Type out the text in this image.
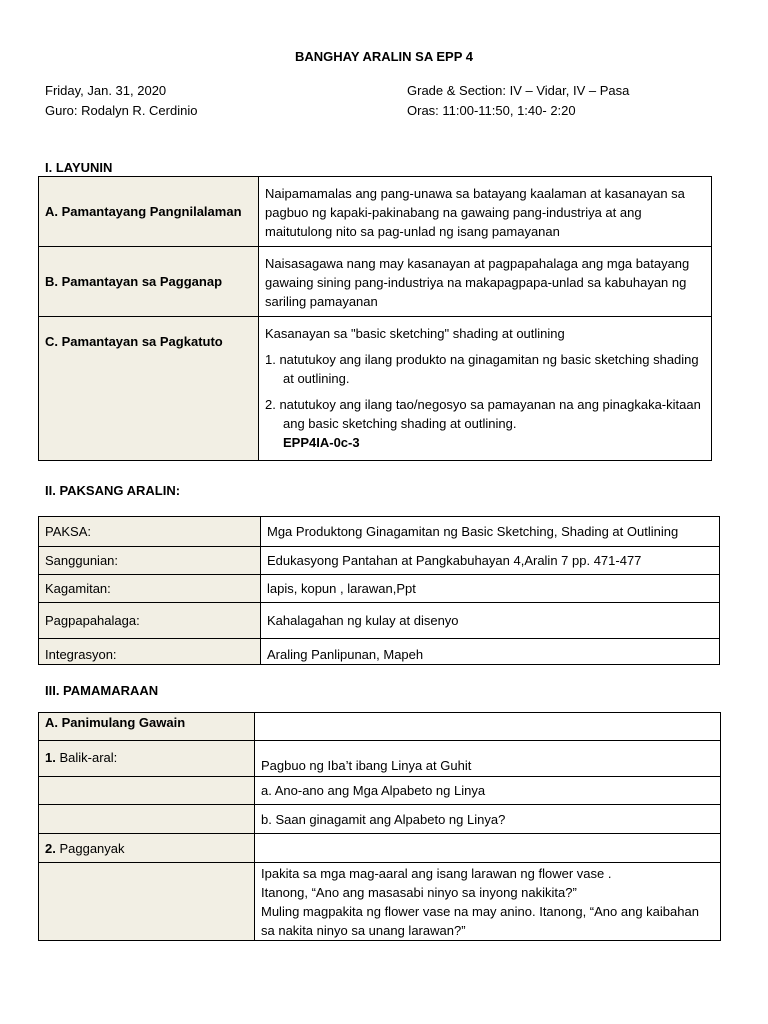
BANGHAY ARALIN SA EPP 4
Friday, Jan. 31, 2020
Guro: Rodalyn R. Cerdinio
Grade & Section: IV – Vidar, IV – Pasa
Oras: 11:00-11:50, 1:40- 2:20
I. LAYUNIN
A. Pamantayang Pangnilalaman	Naipamamalas ang pang-unawa sa batayang kaalaman at kasanayan sa pagbuo ng kapaki-pakinabang na gawaing pang-industriya at ang maitutulong nito sa pag-unlad ng isang pamayanan

B. Pamantayan sa Pagganap	Naisasagawa nang may kasanayan at pagpapahalaga ang mga batayang gawaing sining pang-industriya na makapagpapa-unlad sa kabuhayan ng sariling pamayanan

C. Pamantayan sa Pagkatuto	Kasanayan sa "basic sketching" shading at outlining

1. natutukoy ang ilang produkto na ginagamitan ng basic sketching shading at outlining.

2. natutukoy ang ilang tao/negosyo sa pamayanan na ang pinagkaka-kitaan ang basic sketching shading at outlining.

EPP4IA-0c-3

II. PAKSANG ARALIN:
PAKSA:	Mga Produktong Ginagamitan ng Basic Sketching, Shading at Outlining
Sanggunian:	Edukasyong Pantahan at Pangkabuhayan 4,Aralin 7 pp. 471-477
Kagamitan:	lapis, kopun , larawan,Ppt
Pagpapahalaga:	Kahalagahan ng kulay at disenyo
Integrasyon:	Araling Panlipunan, Mapeh
III. PAMAMARAAN
A. Panimulang Gawain	
1. Balik-aral:	Pagbuo ng Iba’t ibang Linya at Guhit
	a. Ano-ano ang Mga Alpabeto ng Linya
	b. Saan ginagamit ang Alpabeto ng Linya?
2. Pagganyak	

	Ipakita sa mga mag-aaral ang isang larawan ng flower vase .

Itanong, “Ano ang masasabi ninyo sa inyong nakikita?”

Muling magpakita ng flower vase na may anino. Itanong, “Ano ang kaibahan sa nakita ninyo sa unang larawan?”
